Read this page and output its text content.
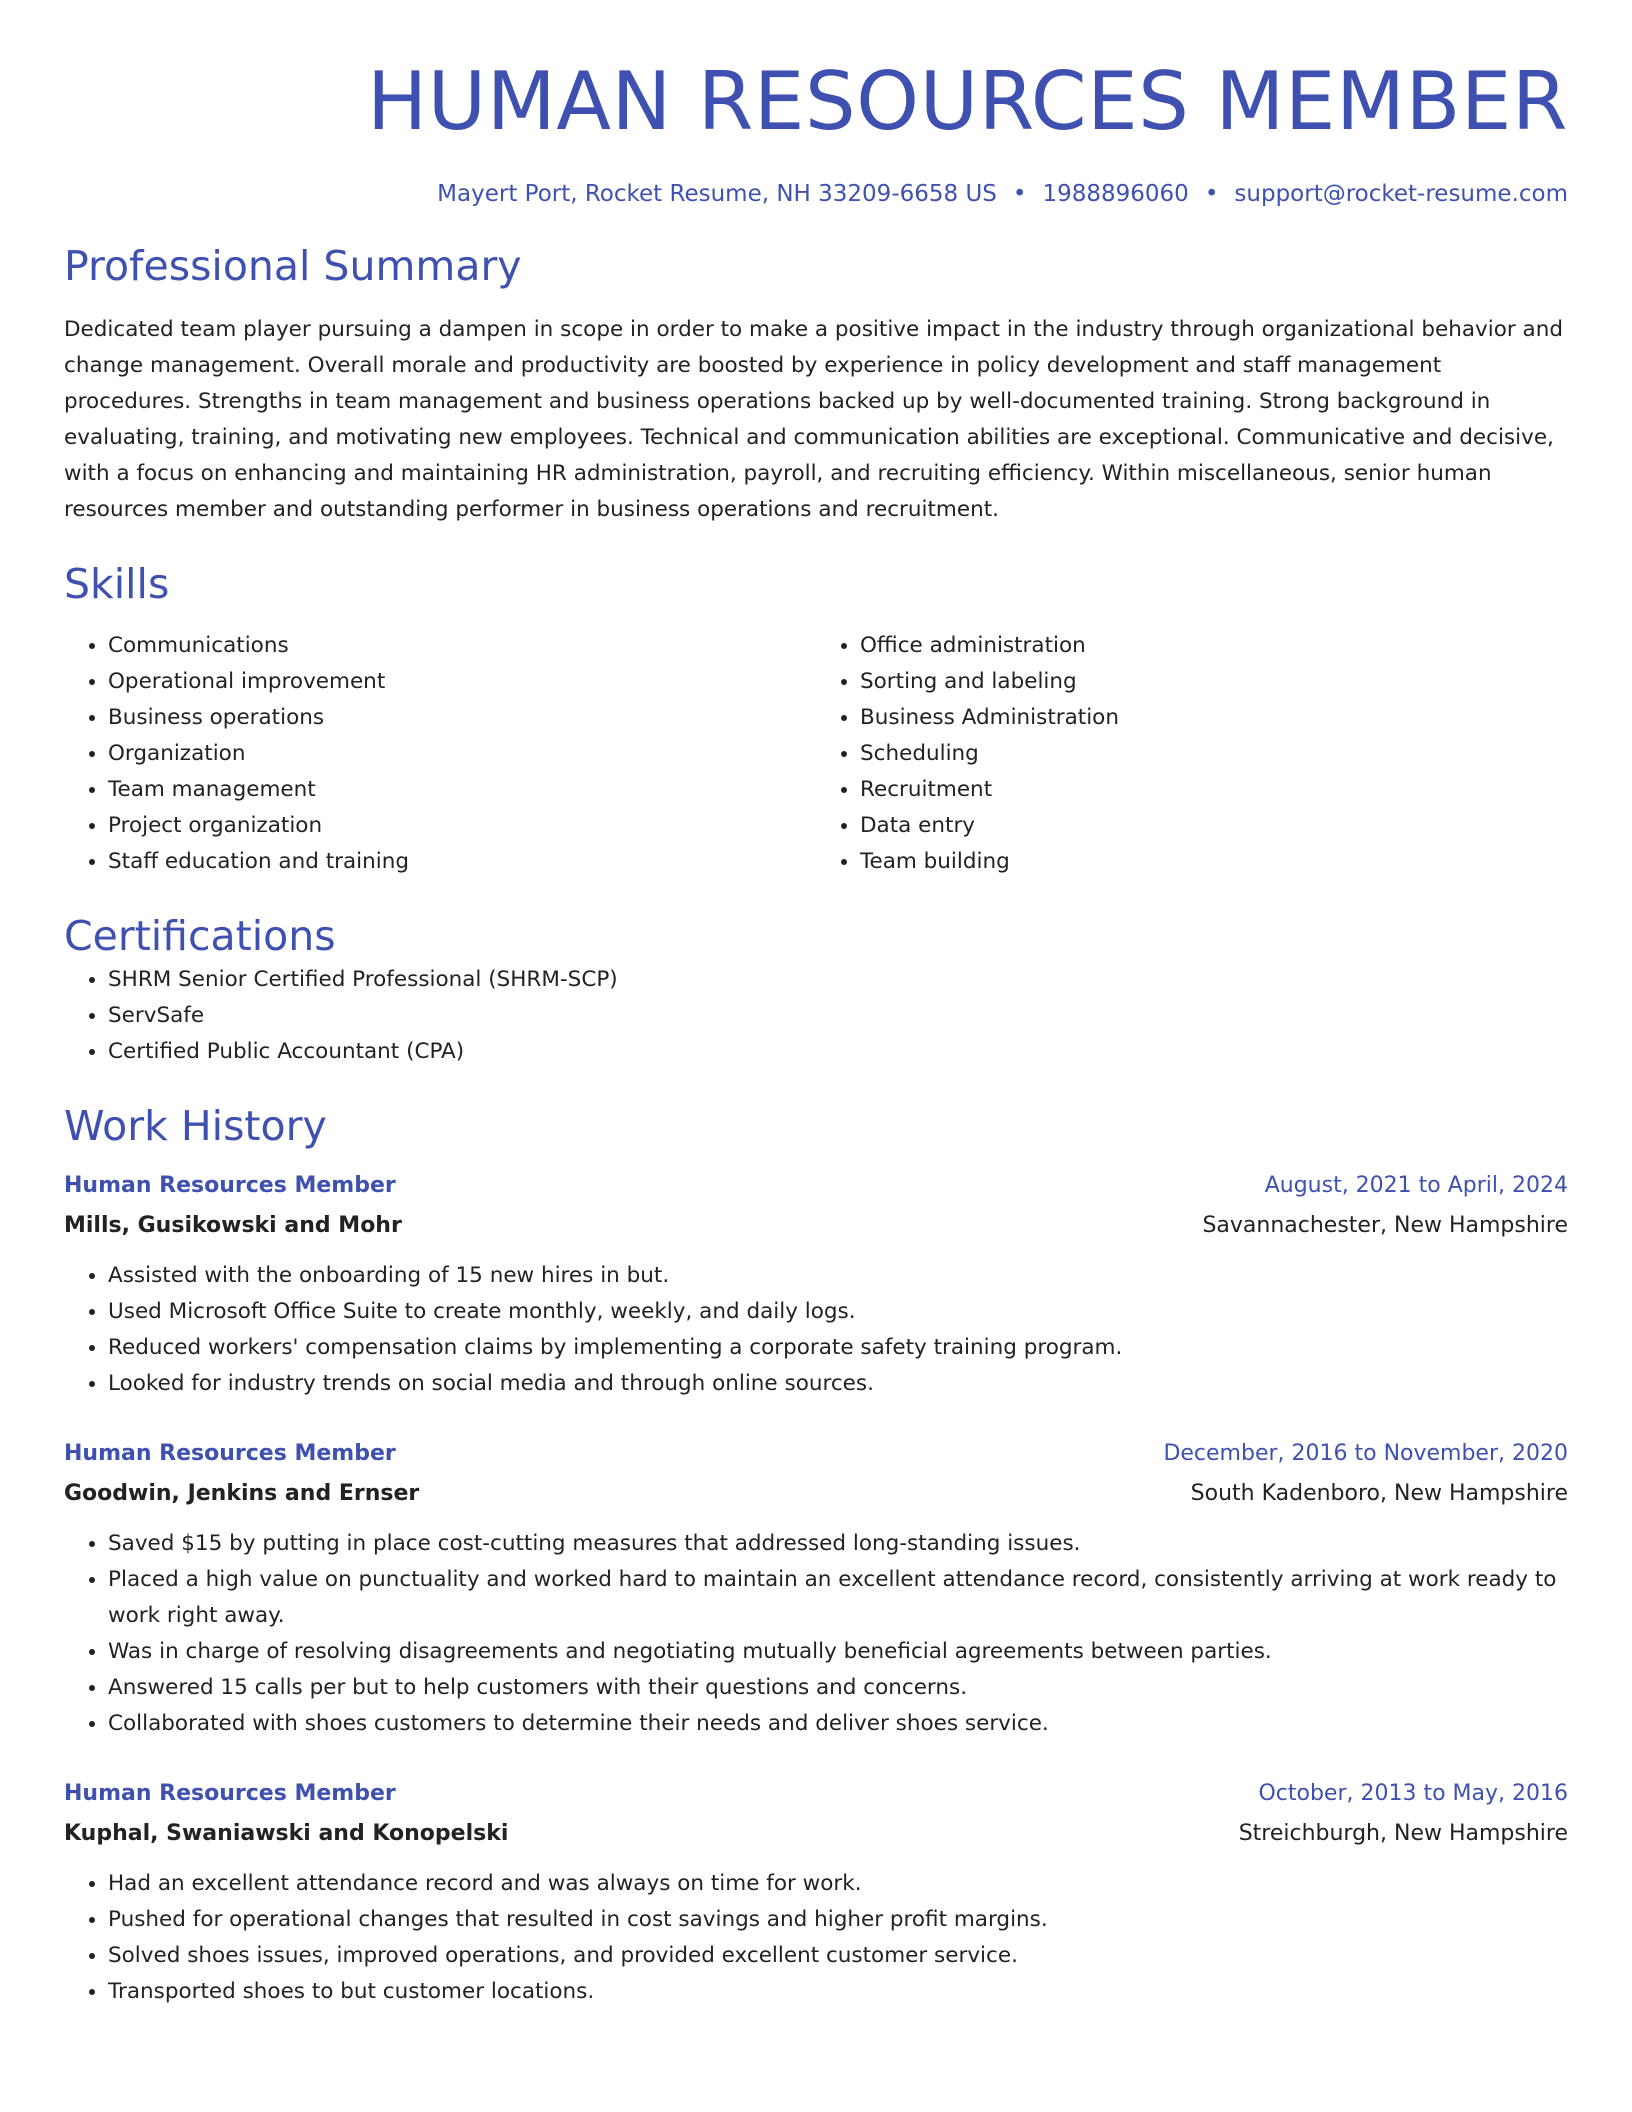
HUMAN RESOURCES MEMBER
Mayert Port, Rocket Resume, NH 33209-6658 US • 1988896060 • support@rocket-resume.com
Professional Summary

Dedicated team player pursuing a dampen in scope in order to make a positive impact in the industry through organizational behavior and change management. Overall morale and productivity are boosted by experience in policy development and staff management procedures. Strengths in team management and business operations backed up by well-documented training. Strong background in evaluating, training, and motivating new employees. Technical and communication abilities are exceptional. Communicative and decisive, with a focus on enhancing and maintaining HR administration, payroll, and recruiting efficiency. Within miscellaneous, senior human resources member and outstanding performer in business operations and recruitment.

Skills
• Communications
• Operational improvement
• Business operations
• Organization
• Team management
• Project organization
• Staff education and training
• Office administration
• Sorting and labeling
• Business Administration
• Scheduling
• Recruitment
• Data entry
• Team building
Certifications
• SHRM Senior Certified Professional (SHRM-SCP)
• ServSafe
• Certified Public Accountant (CPA)
Work History
Human Resources Member	August, 2021 to April, 2024
Mills, Gusikowski and Mohr	Savannachester, New Hampshire
• Assisted with the onboarding of 15 new hires in but.
• Used Microsoft Office Suite to create monthly, weekly, and daily logs.
• Reduced workers' compensation claims by implementing a corporate safety training program.
• Looked for industry trends on social media and through online sources.
Human Resources Member	December, 2016 to November, 2020
Goodwin, Jenkins and Ernser	South Kadenboro, New Hampshire
• Saved $15 by putting in place cost-cutting measures that addressed long-standing issues.
• Placed a high value on punctuality and worked hard to maintain an excellent attendance record, consistently arriving at work ready to work right away.
• Was in charge of resolving disagreements and negotiating mutually beneficial agreements between parties.
• Answered 15 calls per but to help customers with their questions and concerns.
• Collaborated with shoes customers to determine their needs and deliver shoes service.
Human Resources Member	October, 2013 to May, 2016
Kuphal, Swaniawski and Konopelski	Streichburgh, New Hampshire
• Had an excellent attendance record and was always on time for work.
• Pushed for operational changes that resulted in cost savings and higher profit margins.
• Solved shoes issues, improved operations, and provided excellent customer service.
• Transported shoes to but customer locations.
